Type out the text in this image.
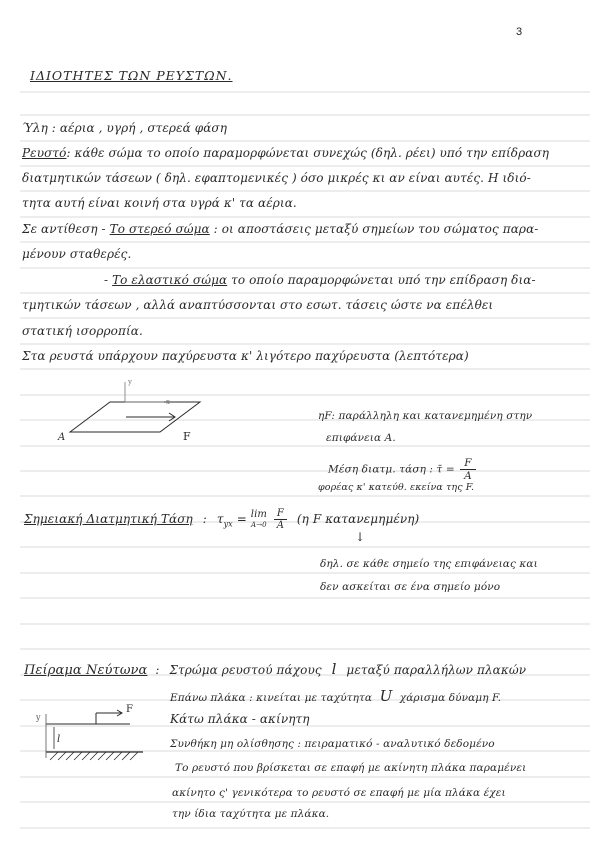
3
ΙΔΙΟΤΗΤΕΣ ΤΩΝ ΡΕΥΣΤΩΝ.
Ύλη : αέρια , υγρή , στερεά φάση
Ρευστό: κάθε σώμα το οποίο παραμορφώνεται συνεχώς (δηλ. ρέει) υπό την επίδραση
διατμητικών τάσεων ( δηλ. εφαπτομενικές ) όσο μικρές κι αν είναι αυτές. Η ιδιό-
τητα αυτή είναι κοινή στα υγρά κ' τα αέρια.
Σε αντίθεση - Το στερεό σώμα : οι αποστάσεις μεταξύ σημείων του σώματος παρα-
μένουν σταθερές.
- Το ελαστικό σώμα το οποίο παραμορφώνεται υπό την επίδραση δια-
τμητικών τάσεων , αλλά αναπτύσσονται στο εσωτ. τάσεις ώστε να επέλθει
στατική ισορροπία.
Στα ρευστά υπάρχουν παχύρευστα κ' λιγότερο παχύρευστα (λεπτότερα)
A	F
y
x
ηF: παράλληλη και κατανεμημένη στην
επιφάνεια Α.
Μέση διατμ. τάση : τ̄ = $\frac{F}{A}$
φορέας κ' κατεύθ. εκείνα της F.
Σημειακή Διατμητική Τάση : $\tau_{yx} = \lim$
A→0
$\frac{F}{A} (\eta$ F κατανεμημένη)
↓
δηλ. σε κάθε σημείο της επιφάνειας και
δεν ασκείται σε ένα σημείο μόνο
Πείραμα Νεύτωνα : Στρώμα ρευστού πάχους l μεταξύ παραλλήλων πλακών
Επάνω πλάκα : κινείται με ταχύτητα U χάρισμα δύναμη F.
Κάτω πλάκα - ακίνητη
Συνθήκη μη ολίσθησης : πειραματικό - αναλυτικό δεδομένο
Το ρευστό που βρίσκεται σε επαφή με ακίνητη πλάκα παραμένει
ακίνητο ς' γενικότερα το ρευστό σε επαφή με μία πλάκα έχει
την ίδια ταχύτητα με πλάκα.
F
l
y
